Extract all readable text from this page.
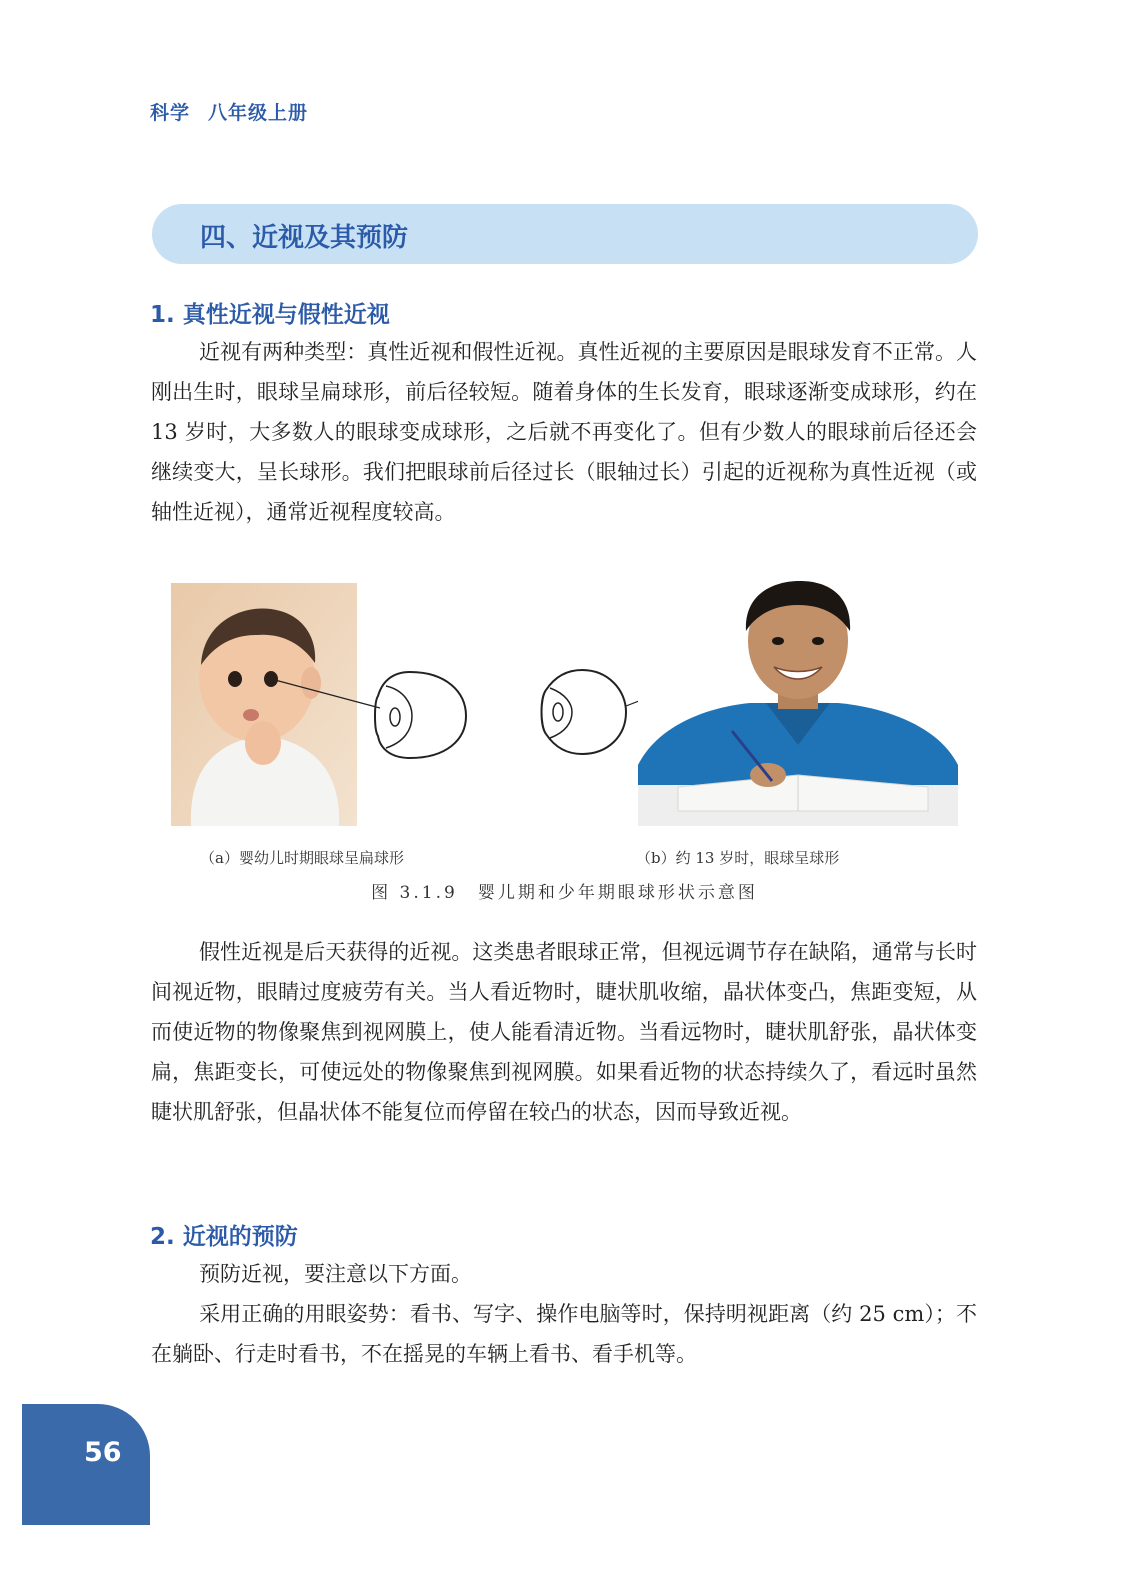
科学 八年级上册
四、近视及其预防
1. 真性近视与假性近视

近视有两种类型：真性近视和假性近视。真性近视的主要原因是眼球发育不正常。人刚出生时，眼球呈扁球形，前后径较短。随着身体的生长发育，眼球逐渐变成球形，约在 13 岁时，大多数人的眼球变成球形，之后就不再变化了。但有少数人的眼球前后径还会继续变大，呈长球形。我们把眼球前后径过长（眼轴过长）引起的近视称为真性近视（或轴性近视），通常近视程度较高。

（a）婴幼儿时期眼球呈扁球形	（b）约 13 岁时，眼球呈球形
图 3.1.9　婴儿期和少年期眼球形状示意图

假性近视是后天获得的近视。这类患者眼球正常，但视远调节存在缺陷，通常与长时间视近物，眼睛过度疲劳有关。当人看近物时，睫状肌收缩，晶状体变凸，焦距变短，从而使近物的物像聚焦到视网膜上，使人能看清近物。当看远物时，睫状肌舒张，晶状体变扁，焦距变长，可使远处的物像聚焦到视网膜。如果看近物的状态持续久了，看远时虽然睫状肌舒张，但晶状体不能复位而停留在较凸的状态，因而导致近视。

2. 近视的预防

预防近视，要注意以下方面。

采用正确的用眼姿势：看书、写字、操作电脑等时，保持明视距离（约 25 cm）；不在躺卧、行走时看书，不在摇晃的车辆上看书、看手机等。

56
